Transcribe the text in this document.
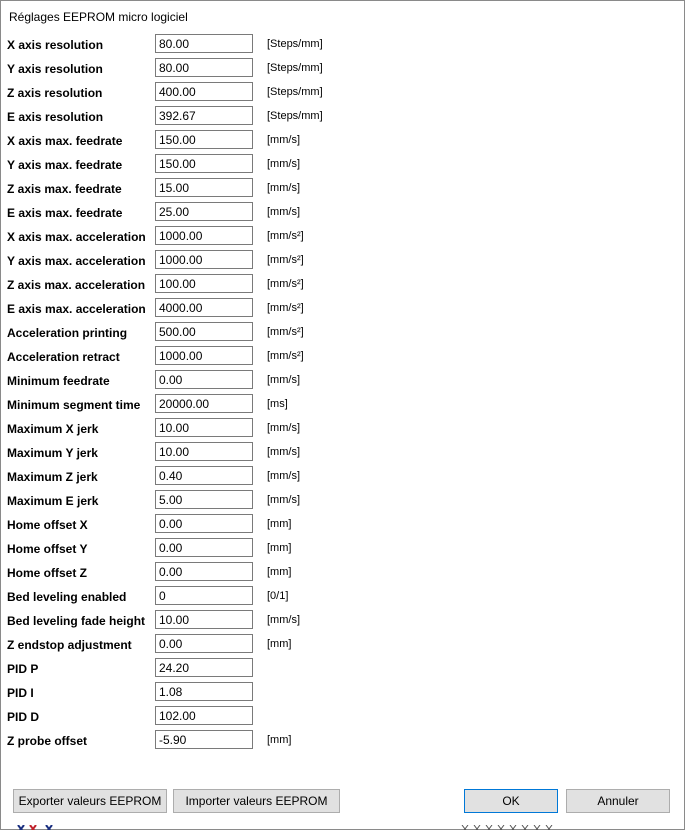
Réglages EEPROM micro logiciel
X axis resolution
80.00	[Steps/mm]
Y axis resolution
80.00	[Steps/mm]
Z axis resolution
400.00	[Steps/mm]
E axis resolution
392.67	[Steps/mm]
X axis max. feedrate
150.00	[mm/s]
Y axis max. feedrate
150.00	[mm/s]
Z axis max. feedrate
15.00	[mm/s]
E axis max. feedrate
25.00	[mm/s]
X axis max. acceleration
1000.00	[mm/s²]
Y axis max. acceleration
1000.00	[mm/s²]
Z axis max. acceleration
100.00	[mm/s²]
E axis max. acceleration
4000.00	[mm/s²]
Acceleration printing
500.00	[mm/s²]
Acceleration retract
1000.00	[mm/s²]
Minimum feedrate
0.00	[mm/s]
Minimum segment time
20000.00	[ms]
Maximum X jerk
10.00	[mm/s]
Maximum Y jerk
10.00	[mm/s]
Maximum Z jerk
0.40	[mm/s]
Maximum E jerk
5.00	[mm/s]
Home offset X
0.00	[mm]
Home offset Y
0.00	[mm]
Home offset Z
0.00	[mm]
Bed leveling enabled
0	[0/1]
Bed leveling fade height
10.00	[mm/s]
Z endstop adjustment
0.00	[mm]
PID P
24.20
PID I
1.08
PID D
102.00
Z probe offset
-5.90	[mm]
Exporter valeurs EEPROM	Importer valeurs EEPROM	OK	Annuler
